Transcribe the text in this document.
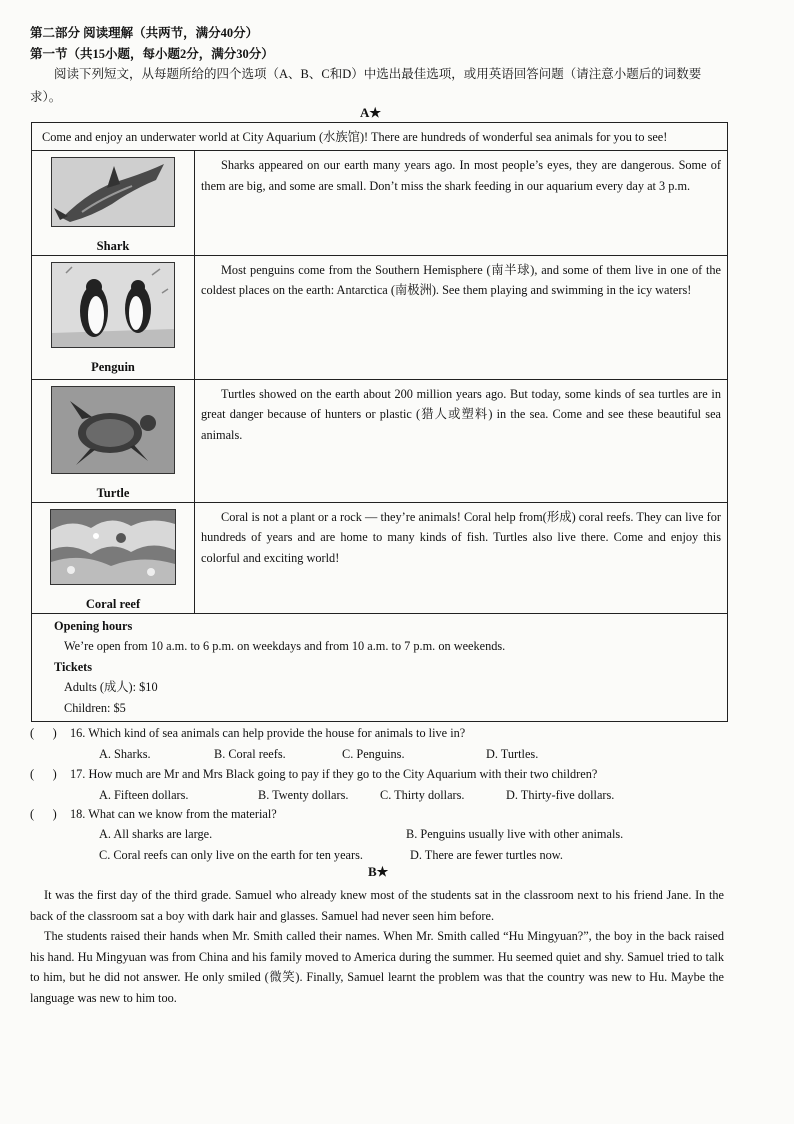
第二部分 阅读理解（共两节，满分40分）
第一节（共15小题，每小题2分，满分30分）
阅读下列短文，从每题所给的四个选项（A、B、C和D）中选出最佳选项，或用英语回答问题（请注意小题后的词数要求）。
A★
Come and enjoy an underwater world at City Aquarium (水族馆)! There are hundreds of wonderful sea animals for you to see!	

Shark	Sharks appeared on our earth many years ago. In most people’s eyes, they are dangerous. Some of them are big, and some are small. Don’t miss the shark feeding in our aquarium every day at 3 p.m.

Penguin	Most penguins come from the Southern Hemisphere (南半球), and some of them live in one of the coldest places on the earth: Antarctica (南极洲). See them playing and swimming in the icy waters!

Turtle	Turtles showed on the earth about 200 million years ago. But today, some kinds of sea turtles are in great danger because of hunters or plastic (猎人或塑料) in the sea. Come and see these beautiful sea animals.

Coral reef	Coral is not a plant or a rock — they’re animals! Coral help from(形成) coral reefs. They can live for hundreds of years and are home to many kinds of fish. Turtles also live there. Come and enjoy this colorful and exciting world!

Opening hours
We’re open from 10 a.m. to 6 p.m. on weekdays and from 10 a.m. to 7 p.m. on weekends.
Tickets
Adults (成人): $10
Children: $5	
( ) 16. Which kind of sea animals can help provide the house for animals to live in?
A. Sharks.	B. Coral reefs.	C. Penguins.	D. Turtles.
( ) 17. How much are Mr and Mrs Black going to pay if they go to the City Aquarium with their two children?
A. Fifteen dollars.	B. Twenty dollars.	C. Thirty dollars.	D. Thirty-five dollars.
( ) 18. What can we know from the material?
A. All sharks are large.	B. Penguins usually live with other animals.
C. Coral reefs can only live on the earth for ten years.	D. There are fewer turtles now.
B★
It was the first day of the third grade. Samuel who already knew most of the students sat in the classroom next to his friend Jane. In the back of the classroom sat a boy with dark hair and glasses. Samuel had never seen him before.
The students raised their hands when Mr. Smith called their names. When Mr. Smith called “Hu Mingyuan?”, the boy in the back raised his hand. Hu Mingyuan was from China and his family moved to America during the summer. Hu seemed quiet and shy. Samuel tried to talk to him, but he did not answer. He only smiled (微笑). Finally, Samuel learnt the problem was that the country was new to Hu. Maybe the language was new to him too.
